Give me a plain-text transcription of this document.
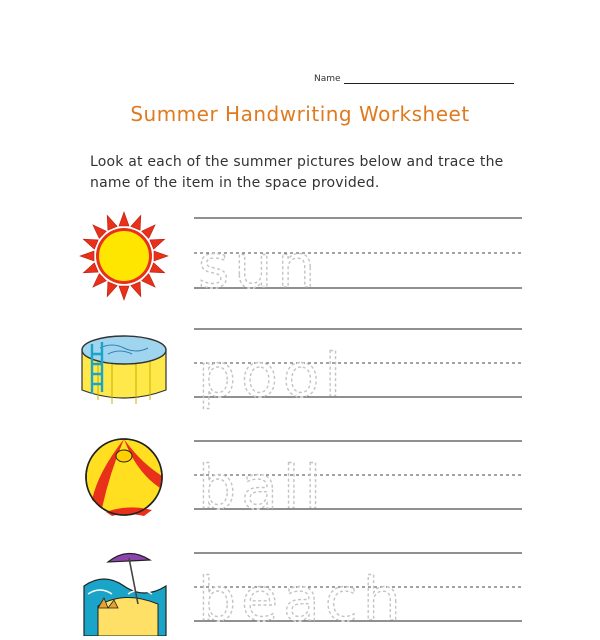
Name
Summer Handwriting Worksheet
Look at each of the summer pictures below and trace the name of the item in the space provided.
sun
pool
ball
beach
